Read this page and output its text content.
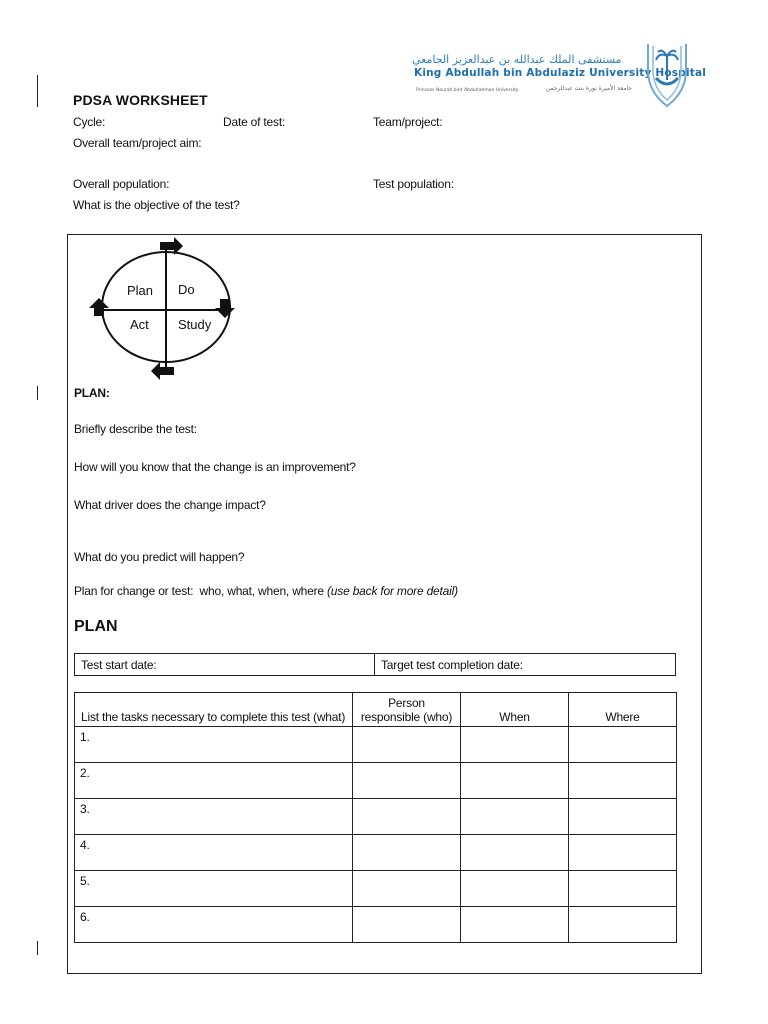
مستشفى الملك عبدالله بن عبدالعزيز الجامعي
King Abdullah bin Abdulaziz University Hospital
Princess Nourah bint Abdulrahman University	جامعة الأميرة نورة بنت عبدالرحمن
PDSA WORKSHEET
Cycle:	Date of test:	Team/project:
Overall team/project aim:
Overall population:	Test population:
What is the objective of the test?
Plan Do
Act Study
PLAN:
Briefly describe the test:
How will you know that the change is an improvement?
What driver does the change impact?
What do you predict will happen?
Plan for change or test:  who, what, when, where (use back for more detail)
PLAN
Test start date:	Target test completion date:
List the tasks necessary to complete this test (what)	Person responsible (who)	When	Where
1.			
2.			
3.			
4.			
5.			
6.			
